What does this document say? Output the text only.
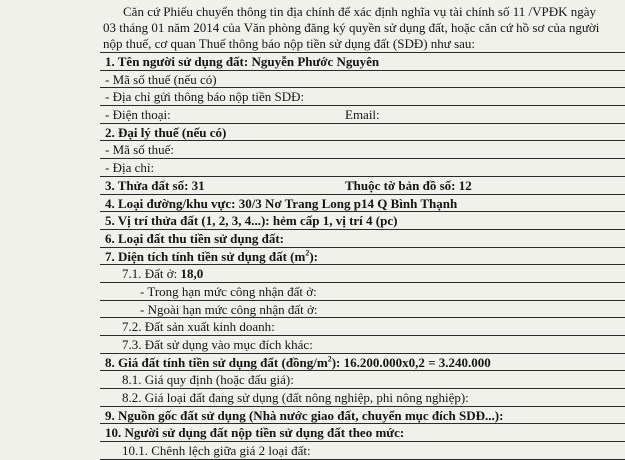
Căn cứ Phiếu chuyển thông tin địa chính để xác định nghĩa vụ tài chính số 11 /VPĐK ngày
03 tháng 01 năm 2014 của Văn phòng đăng ký quyền sử dụng đất, hoặc căn cứ hồ sơ của người
nộp thuế, cơ quan Thuế thông báo nộp tiền sử dụng đất (SDĐ) như sau:
1. Tên người sử dụng đất: Nguyễn Phước Nguyên
- Mã số thuế (nếu có)
- Địa chỉ gửi thông báo nộp tiền SDĐ:
- Điện thoại:	Email:
2. Đại lý thuế (nếu có)
- Mã số thuế:
- Địa chỉ:
3. Thửa đất số: 31	Thuộc tờ bản đồ số: 12
4. Loại đường/khu vực: 30/3 Nơ Trang Long p14 Q Bình Thạnh
5. Vị trí thửa đất (1, 2, 3, 4...): hẻm cấp 1, vị trí 4 (pc)
6. Loại đất thu tiền sử dụng đất:
7. Diện tích tính tiền sử dụng đất $(m^2)$:
7.1. Đất ở: 18,0
- Trong hạn mức công nhận đất ở:
- Ngoài hạn mức công nhận đất ở:
7.2. Đất sản xuất kinh doanh:
7.3. Đất sử dụng vào mục đích khác:
8. Giá đất tính tiền sử dụng đất $(đồng/m^2)$: 16.200.000x0,2 = 3.240.000
8.1. Giá quy định (hoặc đấu giá):
8.2. Giá loại đất đang sử dụng (đất nông nghiệp, phi nông nghiệp):
9. Nguồn gốc đất sử dụng (Nhà nước giao đất, chuyển mục đích SDĐ...):
10. Người sử dụng đất nộp tiền sử dụng đất theo mức:
10.1. Chênh lệch giữa giá 2 loại đất:
